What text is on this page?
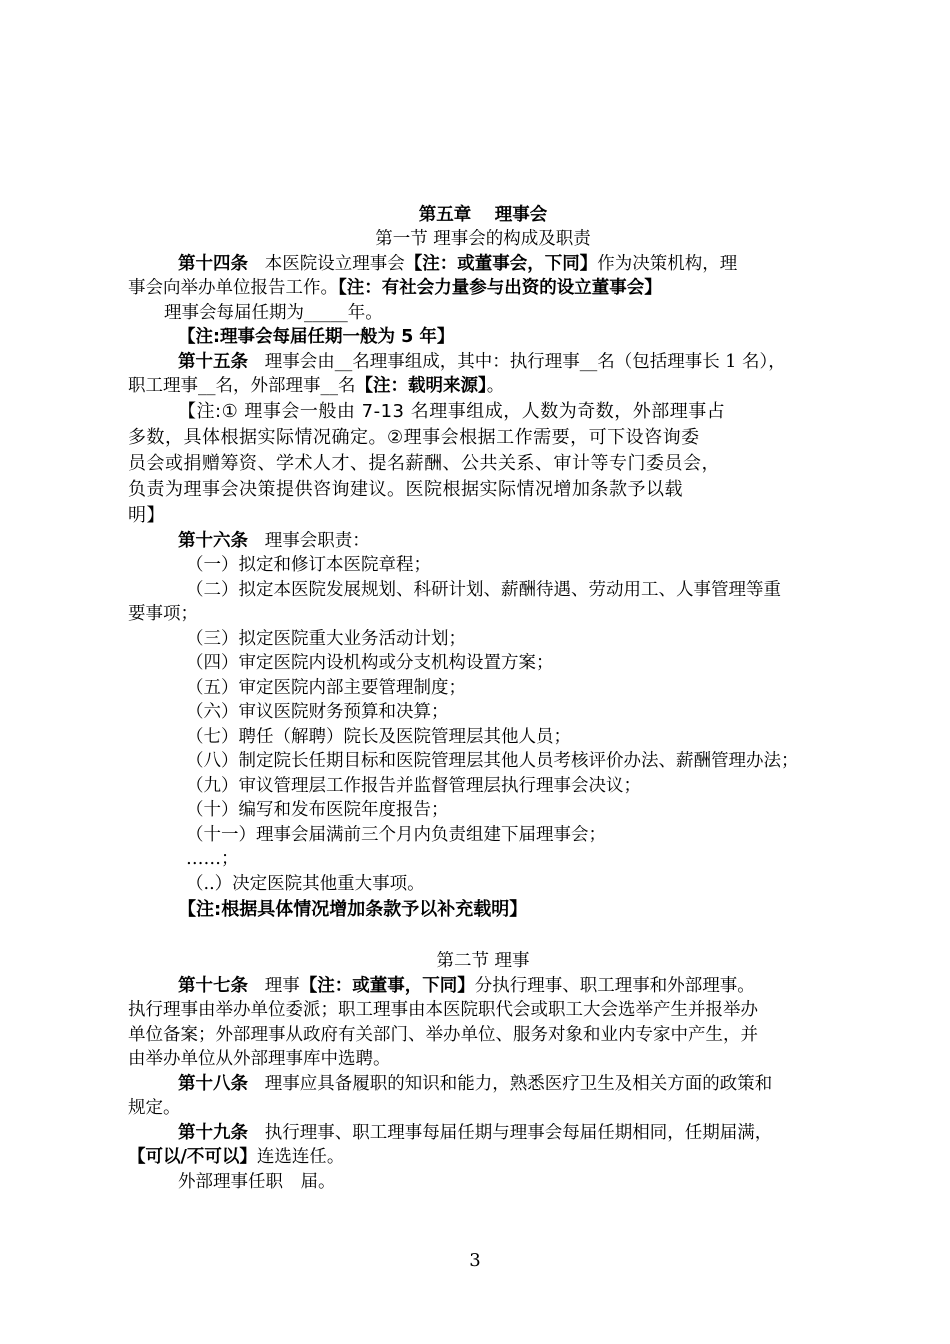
第五章　 理事会

第一节 理事会的构成及职责

第十四条 本医院设立理事会【注：或董事会，下同】作为决策机构，理

事会向举办单位报告工作。【注：有社会力量参与出资的设立董事会】

理事会每届任期为_____年。

【注:理事会每届任期一般为 5 年】

第十五条 理事会由__名理事组成，其中：执行理事__名（包括理事长 1 名），

职工理事__名，外部理事__名【注：载明来源】。

【注:① 理事会一般由 7-13 名理事组成，人数为奇数，外部理事占

多数，具体根据实际情况确定。②理事会根据工作需要，可下设咨询委

员会或捐赠筹资、学术人才、提名薪酬、公共关系、审计等专门委员会，

负责为理事会决策提供咨询建议。医院根据实际情况增加条款予以载

明】

第十六条 理事会职责：

（一）拟定和修订本医院章程；

（二）拟定本医院发展规划、科研计划、薪酬待遇、劳动用工、人事管理等重

要事项；

（三）拟定医院重大业务活动计划；

（四）审定医院内设机构或分支机构设置方案；

（五）审定医院内部主要管理制度；

（六）审议医院财务预算和决算；

（七）聘任（解聘）院长及医院管理层其他人员；

（八）制定院长任期目标和医院管理层其他人员考核评价办法、薪酬管理办法；

（九）审议管理层工作报告并监督管理层执行理事会决议；

（十）编写和发布医院年度报告；

（十一）理事会届满前三个月内负责组建下届理事会；

……；

（..）决定医院其他重大事项。

【注:根据具体情况增加条款予以补充载明】

第二节 理事

第十七条 理事【注：或董事，下同】分执行理事、职工理事和外部理事。

执行理事由举办单位委派；职工理事由本医院职代会或职工大会选举产生并报举办

单位备案；外部理事从政府有关部门、举办单位、服务对象和业内专家中产生，并

由举办单位从外部理事库中选聘。

第十八条 理事应具备履职的知识和能力，熟悉医疗卫生及相关方面的政策和

规定。

第十九条 执行理事、职工理事每届任期与理事会每届任期相同，任期届满，

【可以/不可以】连选连任。

外部理事任职　届。

3
